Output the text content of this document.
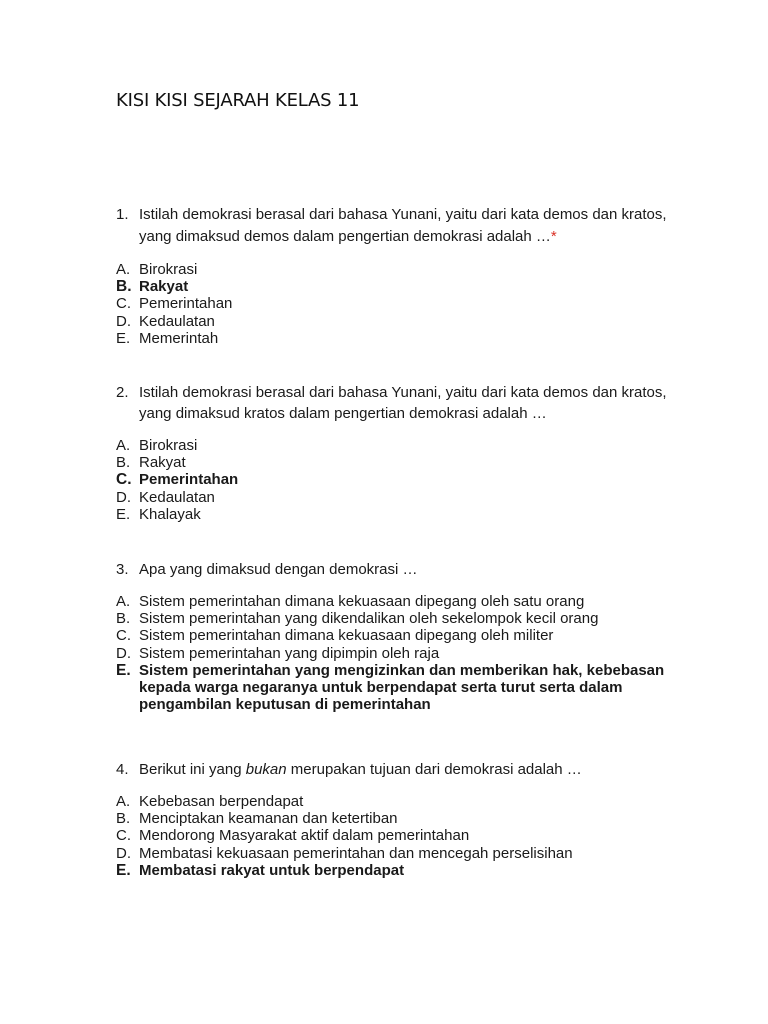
KISI KISI SEJARAH KELAS 11
1. Istilah demokrasi berasal dari bahasa Yunani, yaitu dari kata demos dan kratos, yang dimaksud demos dalam pengertian demokrasi adalah …*
A. Birokrasi
B. Rakyat
C. Pemerintahan
D. Kedaulatan
E. Memerintah
2. Istilah demokrasi berasal dari bahasa Yunani, yaitu dari kata demos dan kratos, yang dimaksud kratos dalam pengertian demokrasi adalah …
A. Birokrasi
B. Rakyat
C. Pemerintahan
D. Kedaulatan
E. Khalayak
3. Apa yang dimaksud dengan demokrasi …
A. Sistem pemerintahan dimana kekuasaan dipegang oleh satu orang
B. Sistem pemerintahan yang dikendalikan oleh sekelompok kecil orang
C. Sistem pemerintahan dimana kekuasaan dipegang oleh militer
D. Sistem pemerintahan yang dipimpin oleh raja
E. Sistem pemerintahan yang mengizinkan dan memberikan hak, kebebasan kepada warga negaranya untuk berpendapat serta turut serta dalam pengambilan keputusan di pemerintahan
4. Berikut ini yang bukan merupakan tujuan dari demokrasi adalah …
A. Kebebasan berpendapat
B. Menciptakan keamanan dan ketertiban
C. Mendorong Masyarakat aktif dalam pemerintahan
D. Membatasi kekuasaan pemerintahan dan mencegah perselisihan
E. Membatasi rakyat untuk berpendapat
